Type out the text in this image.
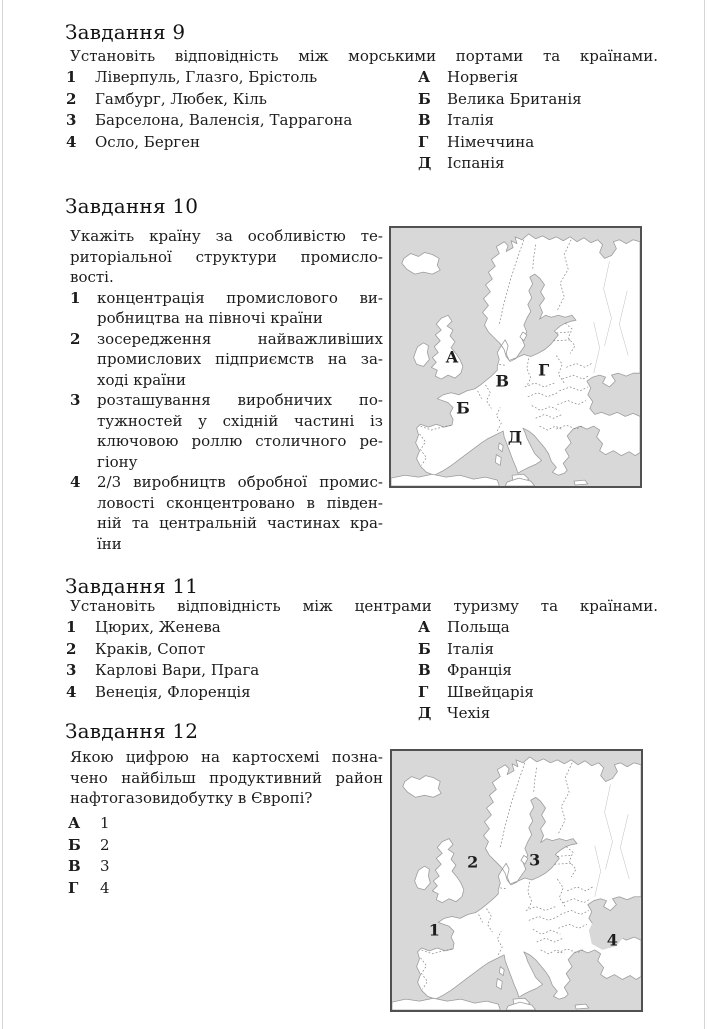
Завдання 9
Установіть відповідність між морськими портами та країнами.
1	Ліверпуль, Глазго, Брістоль	А	Норвегія
2	Гамбург, Любек, Кіль	Б	Велика Британія
3	Барселона, Валенсія, Таррагона	В	Італія
4	Осло, Берген	Г	Німеччина
Д	Іспанія
Завдання 10
Укажіть країну за особливістю те-
риторіальної структури промисло-
вості.
1	концентрація промислового ви-
робництва на півночі країни
2	зосередження найважливіших
промислових підприємств на за-
ході країни
3	розташування виробничих по-
тужностей у східній частині із
ключовою роллю столичного ре-
гіону
4	2/3 виробництв обробної промис-
ловості сконцентровано в півден-
ній та центральній частинах кра-
їни
А
Б
В
Г
Д
Завдання 11
Установіть відповідність між центрами туризму та країнами.
1	Цюрих, Женева	А	Польща
2	Краків, Сопот	Б	Італія
3	Карлові Вари, Прага	В	Франція
4	Венеція, Флоренція	Г	Швейцарія
Д	Чехія
Завдання 12
Якою цифрою на картосхемі позна-
чено найбільш продуктивний район
нафтогазовидобутку в Європі?
А	1
Б	2
В	3
Г	4
1
2	3
4
